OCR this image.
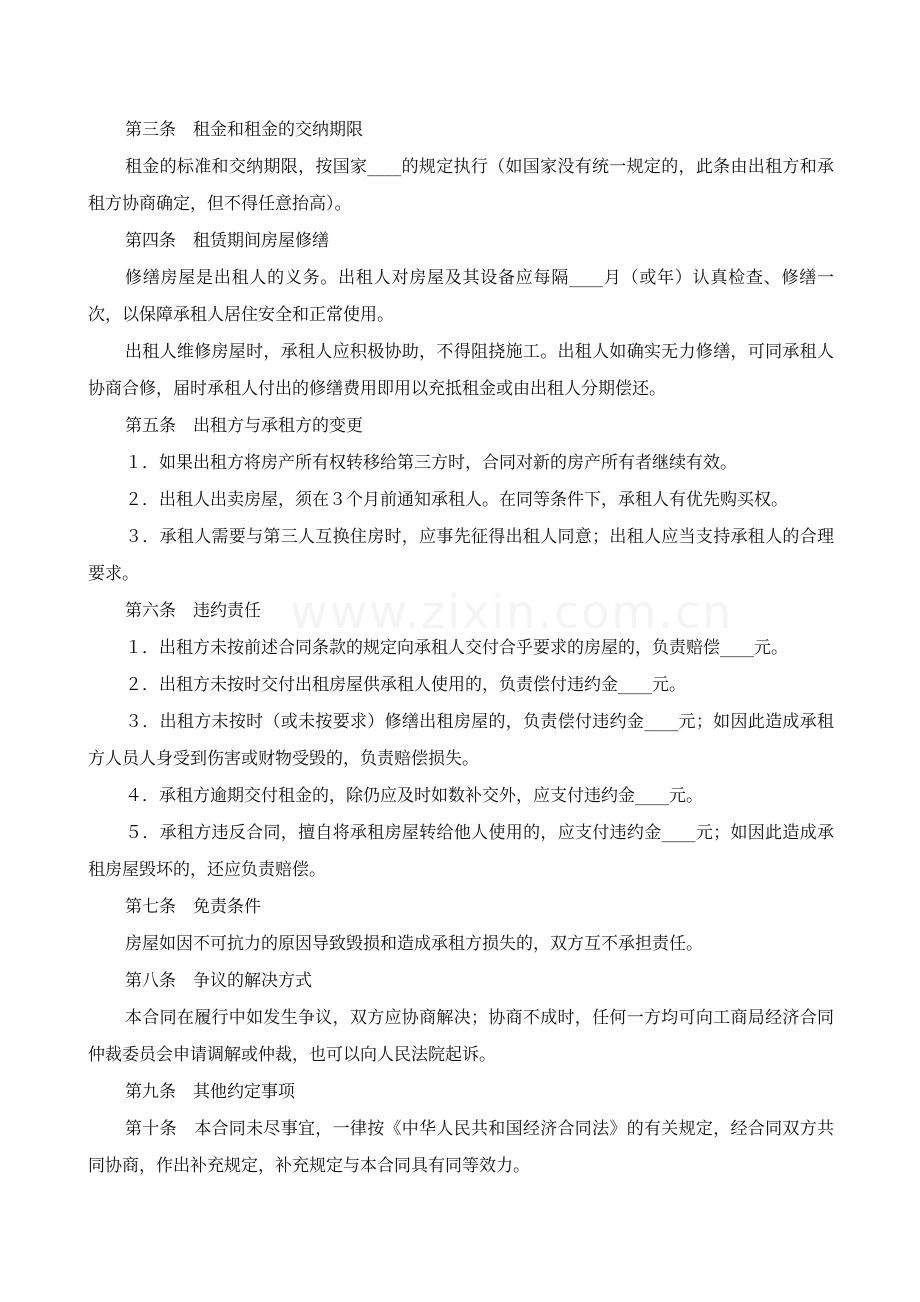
www.zixin.com.cn

第三条　租金和租金的交纳期限

租金的标准和交纳期限，按国家____的规定执行（如国家没有统一规定的，此条由出租方和承租方协商确定，但不得任意抬高）。

第四条　租赁期间房屋修缮

修缮房屋是出租人的义务。出租人对房屋及其设备应每隔____月（或年）认真检查、修缮一次，以保障承租人居住安全和正常使用。

出租人维修房屋时，承租人应积极协助，不得阻挠施工。出租人如确实无力修缮，可同承租人协商合修，届时承租人付出的修缮费用即用以充抵租金或由出租人分期偿还。

第五条　出租方与承租方的变更

１．如果出租方将房产所有权转移给第三方时，合同对新的房产所有者继续有效。

２．出租人出卖房屋，须在３个月前通知承租人。在同等条件下，承租人有优先购买权。

３．承租人需要与第三人互换住房时，应事先征得出租人同意；出租人应当支持承租人的合理要求。

第六条　违约责任

１．出租方未按前述合同条款的规定向承租人交付合乎要求的房屋的，负责赔偿____元。

２．出租方未按时交付出租房屋供承租人使用的，负责偿付违约金____元。

３．出租方未按时（或未按要求）修缮出租房屋的，负责偿付违约金____元；如因此造成承租方人员人身受到伤害或财物受毁的，负责赔偿损失。

４．承租方逾期交付租金的，除仍应及时如数补交外，应支付违约金____元。

５．承租方违反合同，擅自将承租房屋转给他人使用的，应支付违约金____元；如因此造成承租房屋毁坏的，还应负责赔偿。

第七条　免责条件

房屋如因不可抗力的原因导致毁损和造成承租方损失的，双方互不承担责任。

第八条　争议的解决方式

本合同在履行中如发生争议，双方应协商解决；协商不成时，任何一方均可向工商局经济合同仲裁委员会申请调解或仲裁，也可以向人民法院起诉。

第九条　其他约定事项

第十条　本合同未尽事宜，一律按《中华人民共和国经济合同法》的有关规定，经合同双方共同协商，作出补充规定，补充规定与本合同具有同等效力。
